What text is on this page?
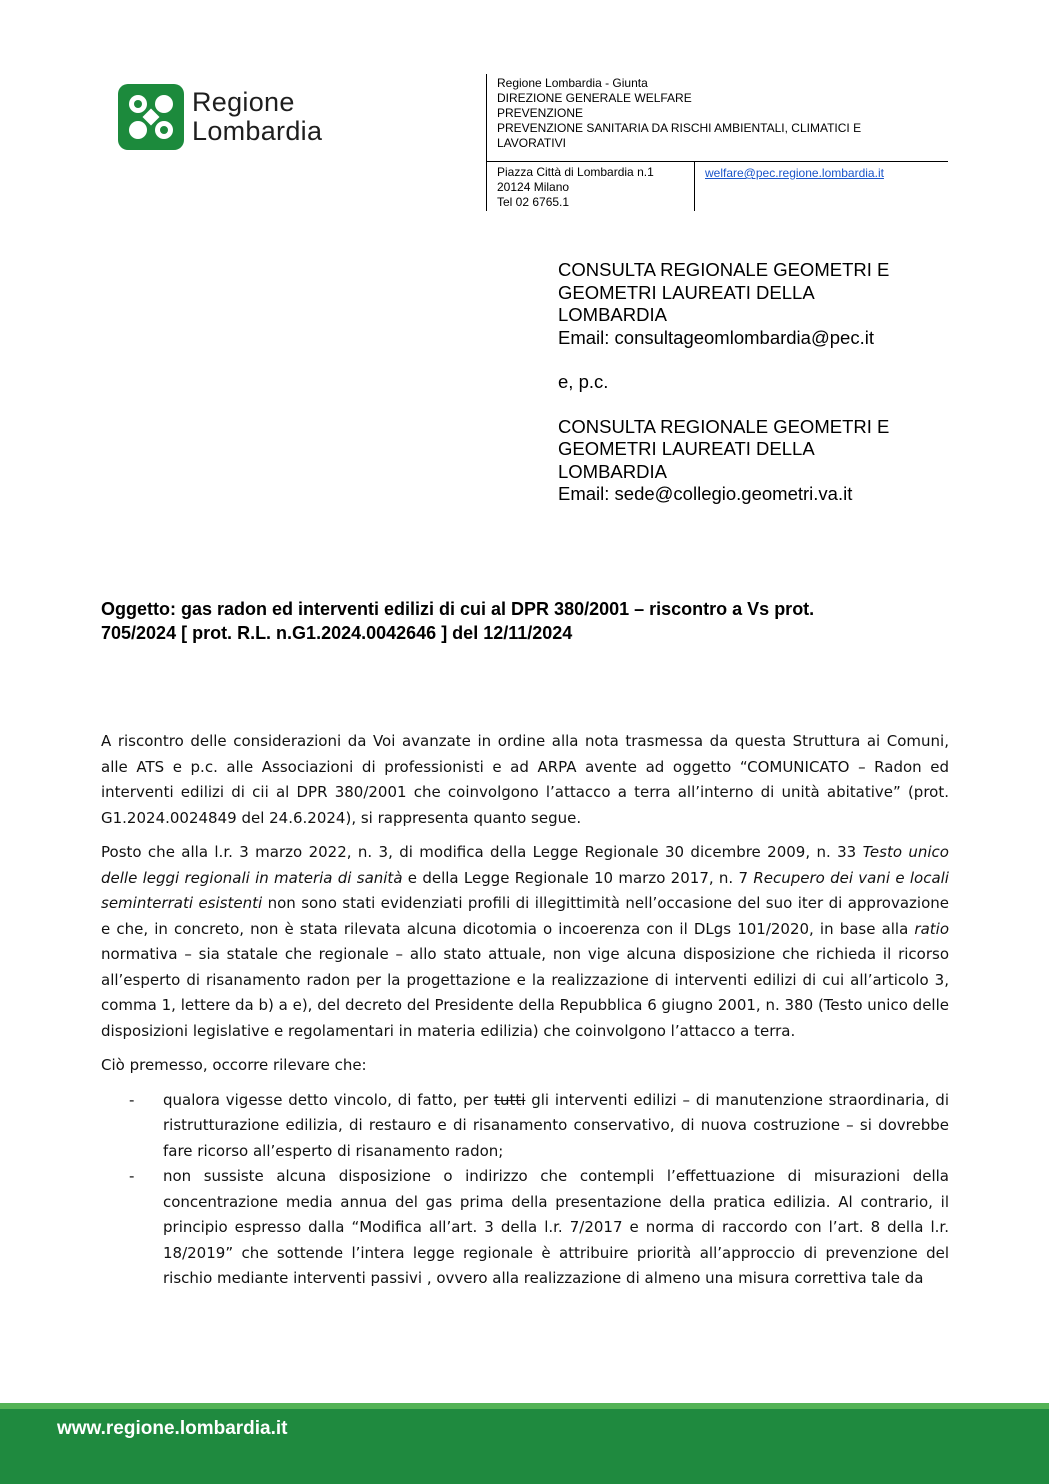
Regione
Lombardia
Regione Lombardia - Giunta
DIREZIONE GENERALE WELFARE
PREVENZIONE
PREVENZIONE SANITARIA DA RISCHI AMBIENTALI, CLIMATICI E
LAVORATIVI
Piazza Città di Lombardia n.1
20124 Milano
Tel 02 6765.1
welfare@pec.regione.lombardia.it
CONSULTA REGIONALE GEOMETRI E
GEOMETRI LAUREATI DELLA
LOMBARDIA
Email: consultageomlombardia@pec.it
e, p.c.
CONSULTA REGIONALE GEOMETRI E
GEOMETRI LAUREATI DELLA
LOMBARDIA
Email: sede@collegio.geometri.va.it
Oggetto: gas radon ed interventi edilizi di cui al DPR 380/2001 – riscontro a Vs prot.
705/2024 [ prot. R.L. n.G1.2024.0042646 ] del 12/11/2024

A riscontro delle considerazioni da Voi avanzate in ordine alla nota trasmessa da questa Struttura ai Comuni, alle ATS e p.c. alle Associazioni di professionisti e ad ARPA avente ad oggetto “COMUNICATO – Radon ed interventi edilizi di cii al DPR 380/2001 che coinvolgono l’attacco a terra all’interno di unità abitative” (prot. G1.2024.0024849 del 24.6.2024), si rappresenta quanto segue.

Posto che alla l.r. 3 marzo 2022, n. 3, di modifica della Legge Regionale 30 dicembre 2009, n. 33 Testo unico delle leggi regionali in materia di sanità e della Legge Regionale 10 marzo 2017, n. 7 Recupero dei vani e locali seminterrati esistenti non sono stati evidenziati profili di illegittimità nell’occasione del suo iter di approvazione e che, in concreto, non è stata rilevata alcuna dicotomia o incoerenza con il DLgs 101/2020, in base alla ratio normativa – sia statale che regionale – allo stato attuale, non vige alcuna disposizione che richieda il ricorso all’esperto di risanamento radon per la progettazione e la realizzazione di interventi edilizi di cui all’articolo 3, comma 1, lettere da b) a e), del decreto del Presidente della Repubblica 6 giugno 2001, n. 380 (Testo unico delle disposizioni legislative e regolamentari in materia edilizia) che coinvolgono l’attacco a terra.

Ciò premesso, occorre rilevare che:

- qualora vigesse detto vincolo, di fatto, per tutti gli interventi edilizi – di manutenzione straordinaria, di ristrutturazione edilizia, di restauro e di risanamento conservativo, di nuova costruzione – si dovrebbe fare ricorso all’esperto di risanamento radon;
- non sussiste alcuna disposizione o indirizzo che contempli l’effettuazione di misurazioni della concentrazione media annua del gas prima della presentazione della pratica edilizia. Al contrario, il principio espresso dalla “Modifica all’art. 3 della l.r. 7/2017 e norma di raccordo con l’art. 8 della l.r. 18/2019” che sottende l’intera legge regionale è attribuire priorità all’approccio di prevenzione del rischio mediante interventi passivi , ovvero alla realizzazione di almeno una misura correttiva tale da
www.regione.lombardia.it
